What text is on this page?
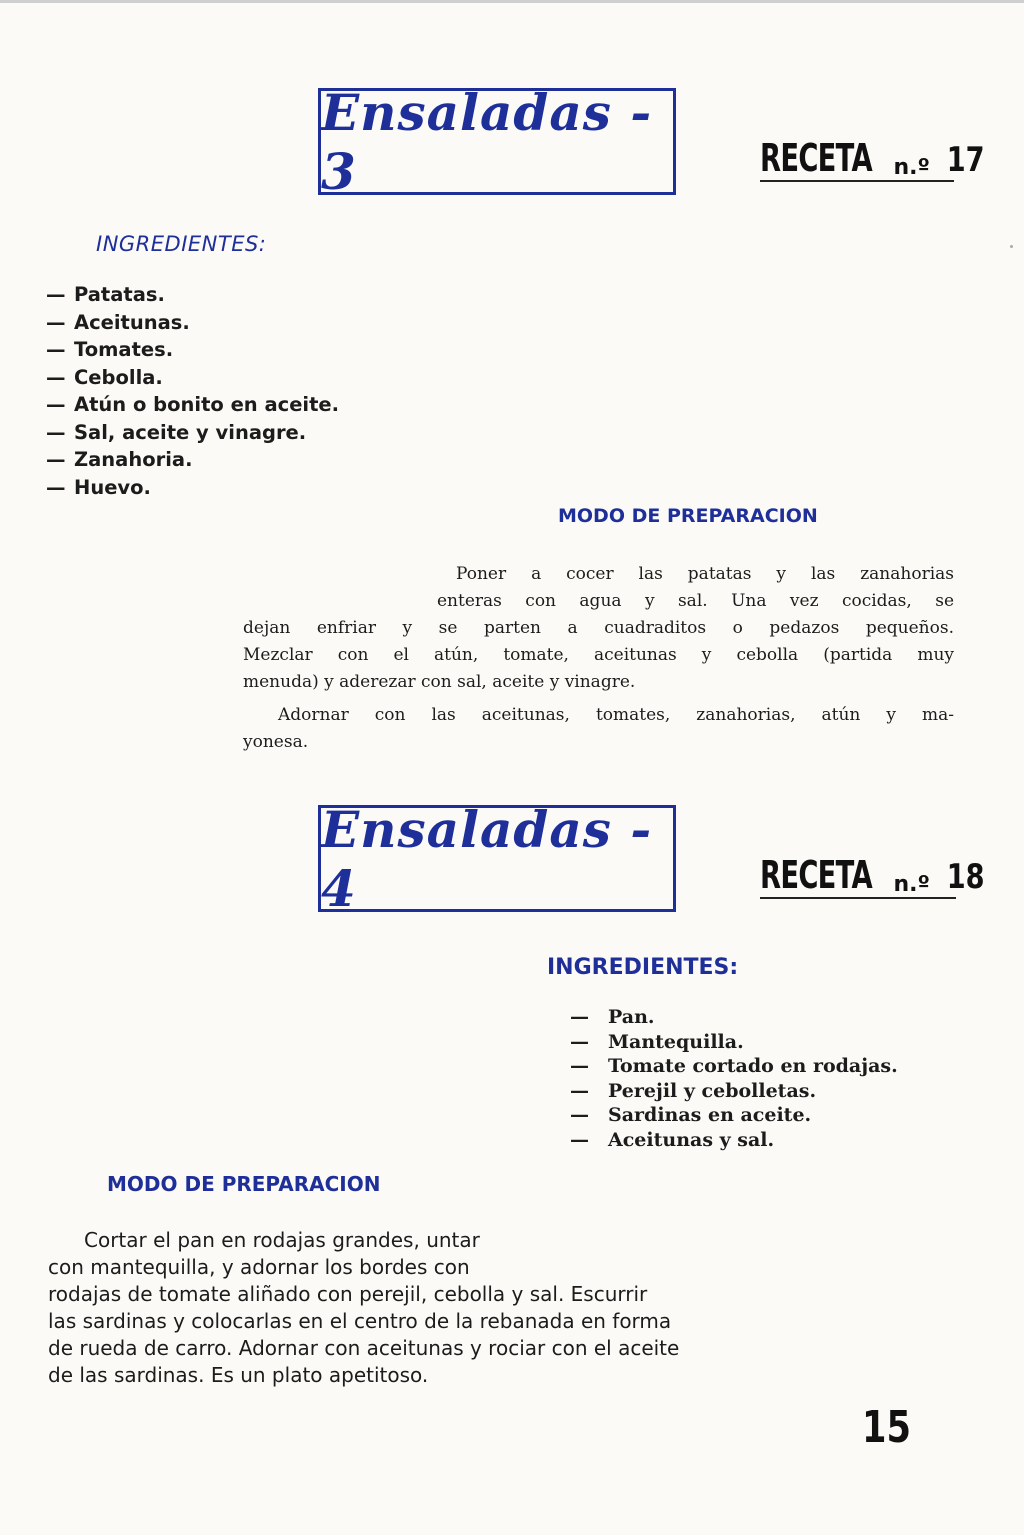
Ensaladas - 3	RECETA n.º 17
INGREDIENTES:
— Patatas.
— Aceitunas.
— Tomates.
— Cebolla.
— Atún o bonito en aceite.
— Sal, aceite y vinagre.
— Zanahoria.
— Huevo.
MODO DE PREPARACION

Poner a cocer las patatas y las zanahorias

enteras con agua y sal. Una vez cocidas, se

dejan enfriar y se parten a cuadraditos o pedazos pequeños.

Mezclar con el atún, tomate, aceitunas y cebolla (partida muy

menuda) y aderezar con sal, aceite y vinagre.

Adornar con las aceitunas, tomates, zanahorias, atún y ma-

yonesa.

Ensaladas - 4	RECETA n.º 18
INGREDIENTES:
— Pan.
— Mantequilla.
— Tomate cortado en rodajas.
— Perejil y cebolletas.
— Sardinas en aceite.
— Aceitunas y sal.
MODO DE PREPARACION

Cortar el pan en rodajas grandes, untar

con mantequilla, y adornar los bordes con

rodajas de tomate aliñado con perejil, cebolla y sal. Escurrir

las sardinas y colocarlas en el centro de la rebanada en forma

de rueda de carro. Adornar con aceitunas y rociar con el aceite

de las sardinas. Es un plato apetitoso.

15
